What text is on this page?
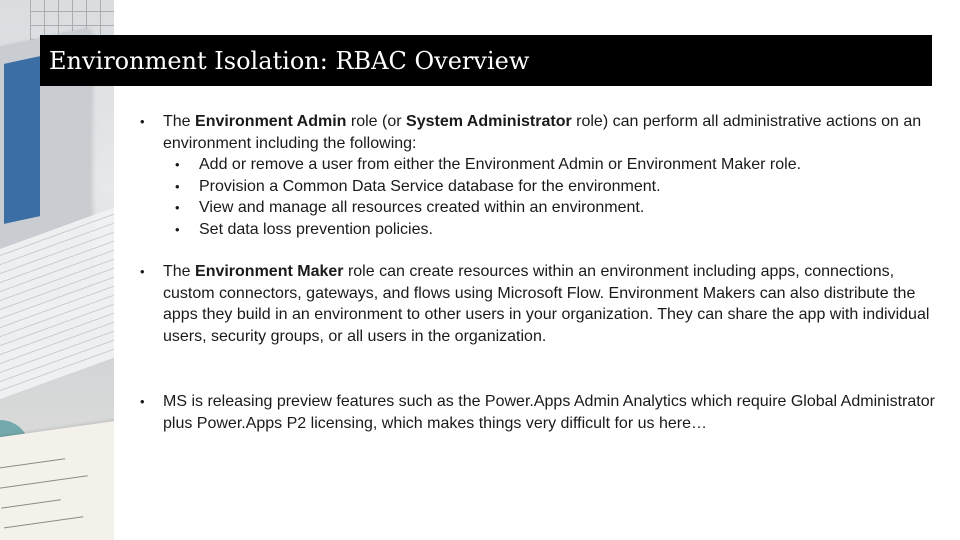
Environment Isolation: RBAC Overview
• The Environment Admin role (or System Administrator role) can perform all administrative actions on an environment including the following:
• Add or remove a user from either the Environment Admin or Environment Maker role.
• Provision a Common Data Service database for the environment.
• View and manage all resources created within an environment.
• Set data loss prevention policies.
• The Environment Maker role can create resources within an environment including apps, connections, custom connectors, gateways, and flows using Microsoft Flow. Environment Makers can also distribute the apps they build in an environment to other users in your organization. They can share the app with individual users, security groups, or all users in the organization.
• MS is releasing preview features such as the Power.Apps Admin Analytics which require Global Administrator plus Power.Apps P2 licensing, which makes things very difficult for us here…
